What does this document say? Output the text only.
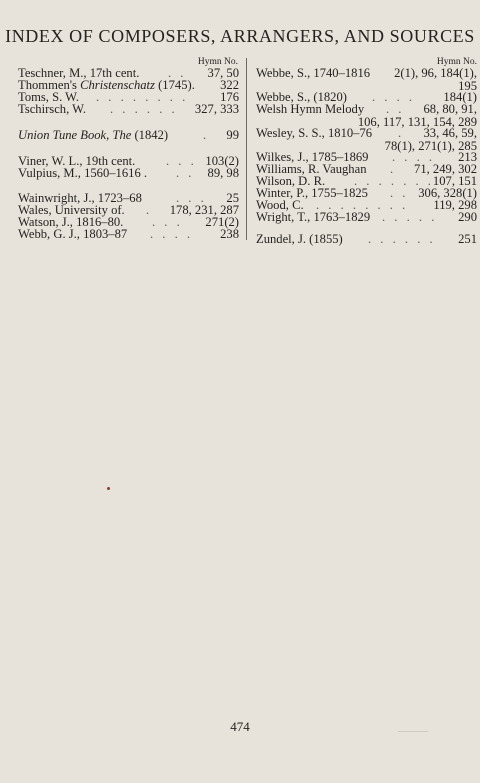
INDEX OF COMPOSERS, ARRANGERS, AND SOURCES
Hymn No.
Teschner, M., 17th cent. . . 37, 50
Thommen's Christenschatz (1745). 322
Toms, S. W. . . . . . . . .	176
Tschirsch, W. . . . . . . 327, 333
Union Tune Book, The (1842)	. 99
Viner, W. L., 19th cent. . . . 103(2)
Vulpius, M., 1560–1616 . . . 89, 98
Wainwright, J., 1723–68	. . . 25
Wales, University of. . 178, 231, 287
Watson, J., 1816–80. . . . 271(2)
Webb, G. J., 1803–87 . . . . 238
Hymn No.
Webbe, S., 1740–1816 2(1), 96, 184(1),
195
Webbe, S., (1820) . . . . 184(1)
Welsh Hymn Melody . . 68, 80, 91,
106, 117, 131, 154, 289
Wesley, S. S., 1810–76 . 33, 46, 59,
78(1), 271(1), 285
Wilkes, J., 1785–1869 . . . . 213
Williams, R. Vaughan . 71, 249, 302
Wilson, D. R. . . . . . . .
107, 151
Winter, P., 1755–1825 . . 306, 328(1)
Wood, C. . . . . . . . . 119, 298
Wright, T., 1763–1829 . . . . . 290
Zundel, J. (1855) . . . . . . 251
474
